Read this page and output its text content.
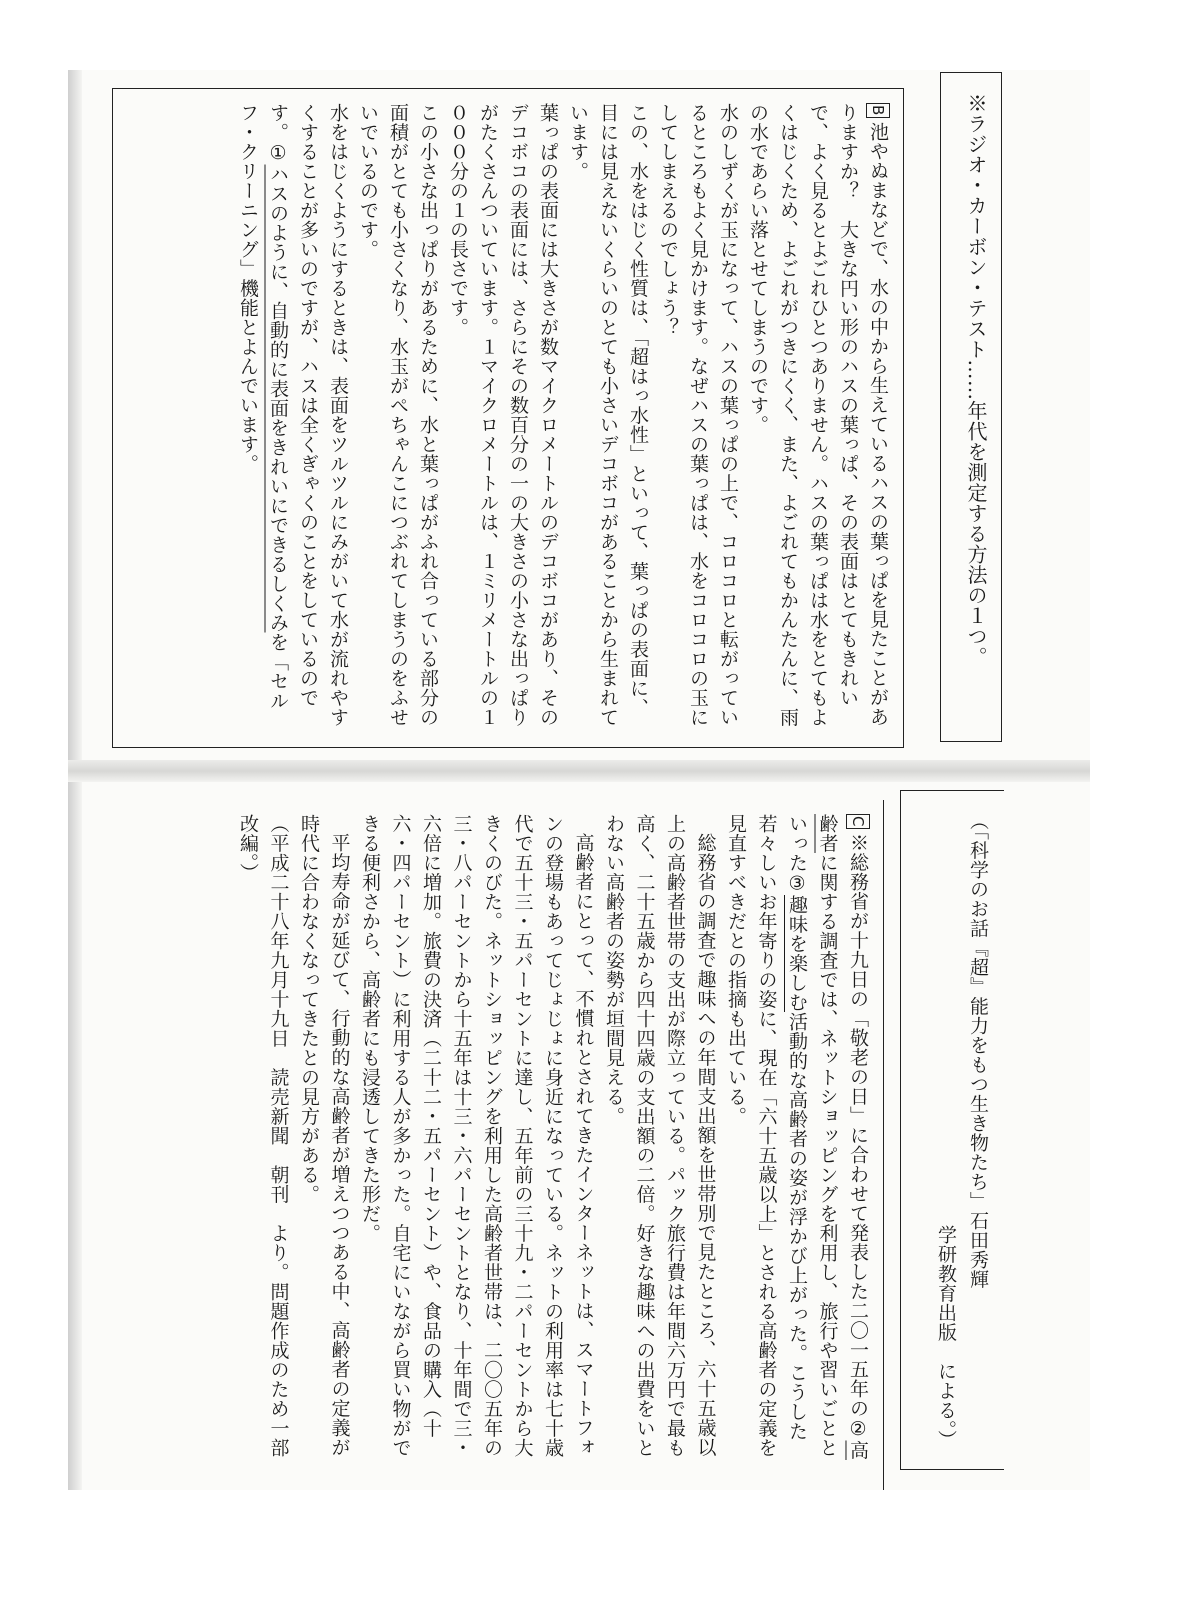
※ラジオ・カーボン・テスト……年代を測定する方法の１つ。

B池やぬまなどで、水の中から生えているハスの葉っぱを見たことがありますか？　大きな円い形のハスの葉っぱ、その表面はとてもきれいで、よく見るとよごれひとつありません。ハスの葉っぱは水をとてもよくはじくため、よごれがつきにくく、また、よごれてもかんたんに、雨の水であらい落とせてしまうのです。

水のしずくが玉になって、ハスの葉っぱの上で、コロコロと転がっているところもよく見かけます。なぜハスの葉っぱは、水をコロコロの玉にしてしまえるのでしょう？

この、水をはじく性質は、「超はっ水性」といって、葉っぱの表面に、目には見えないくらいのとても小さいデコボコがあることから生まれています。

葉っぱの表面には大きさが数マイクロメートルのデコボコがあり、そのデコボコの表面には、さらにその数百分の一の大きさの小さな出っぱりがたくさんついています。１マイクロメートルは、１ミリメートルの１０００分の１の長さです。

この小さな出っぱりがあるために、水と葉っぱがふれ合っている部分の面積がとても小さくなり、水玉がぺちゃんこにつぶれてしまうのをふせいでいるのです。

水をはじくようにするときは、表面をツルツルにみがいて水が流れやすくすることが多いのですが、ハスは全くぎゃくのことをしているのです。①ハスのように、自動的に表面をきれいにできるしくみを「セルフ・クリーニング」機能とよんでいます。

（「科学のお話『超』能力をもつ生き物たち」石田秀輝

学研教育出版　による。）

C※総務省が十九日の「敬老の日」に合わせて発表した二〇一五年の②高齢者に関する調査では、ネットショッピングを利用し、旅行や習いごとといった③趣味を楽しむ活動的な高齢者の姿が浮かび上がった。こうした若々しいお年寄りの姿に、現在「六十五歳以上」とされる高齢者の定義を見直すべきだとの指摘も出ている。

総務省の調査で趣味への年間支出額を世帯別で見たところ、六十五歳以上の高齢者世帯の支出が際立っている。パック旅行費は年間六万円で最も高く、二十五歳から四十四歳の支出額の二倍。好きな趣味への出費をいとわない高齢者の姿勢が垣間見える。

高齢者にとって、不慣れとされてきたインターネットは、スマートフォンの登場もあってじょじょに身近になっている。ネットの利用率は七十歳代で五十三・五パーセントに達し、五年前の三十九・二パーセントから大きくのびた。ネットショッピングを利用した高齢者世帯は、二〇〇五年の三・八パーセントから十五年は十三・六パーセントとなり、十年間で三・六倍に増加。旅費の決済（二十二・五パーセント）や、食品の購入（十六・四パーセント）に利用する人が多かった。自宅にいながら買い物ができる便利さから、高齢者にも浸透してきた形だ。

平均寿命が延びて、行動的な高齢者が増えつつある中、高齢者の定義が時代に合わなくなってきたとの見方がある。

（平成二十八年九月十九日　読売新聞　朝刊　より。問題作成のため一部改編。）
